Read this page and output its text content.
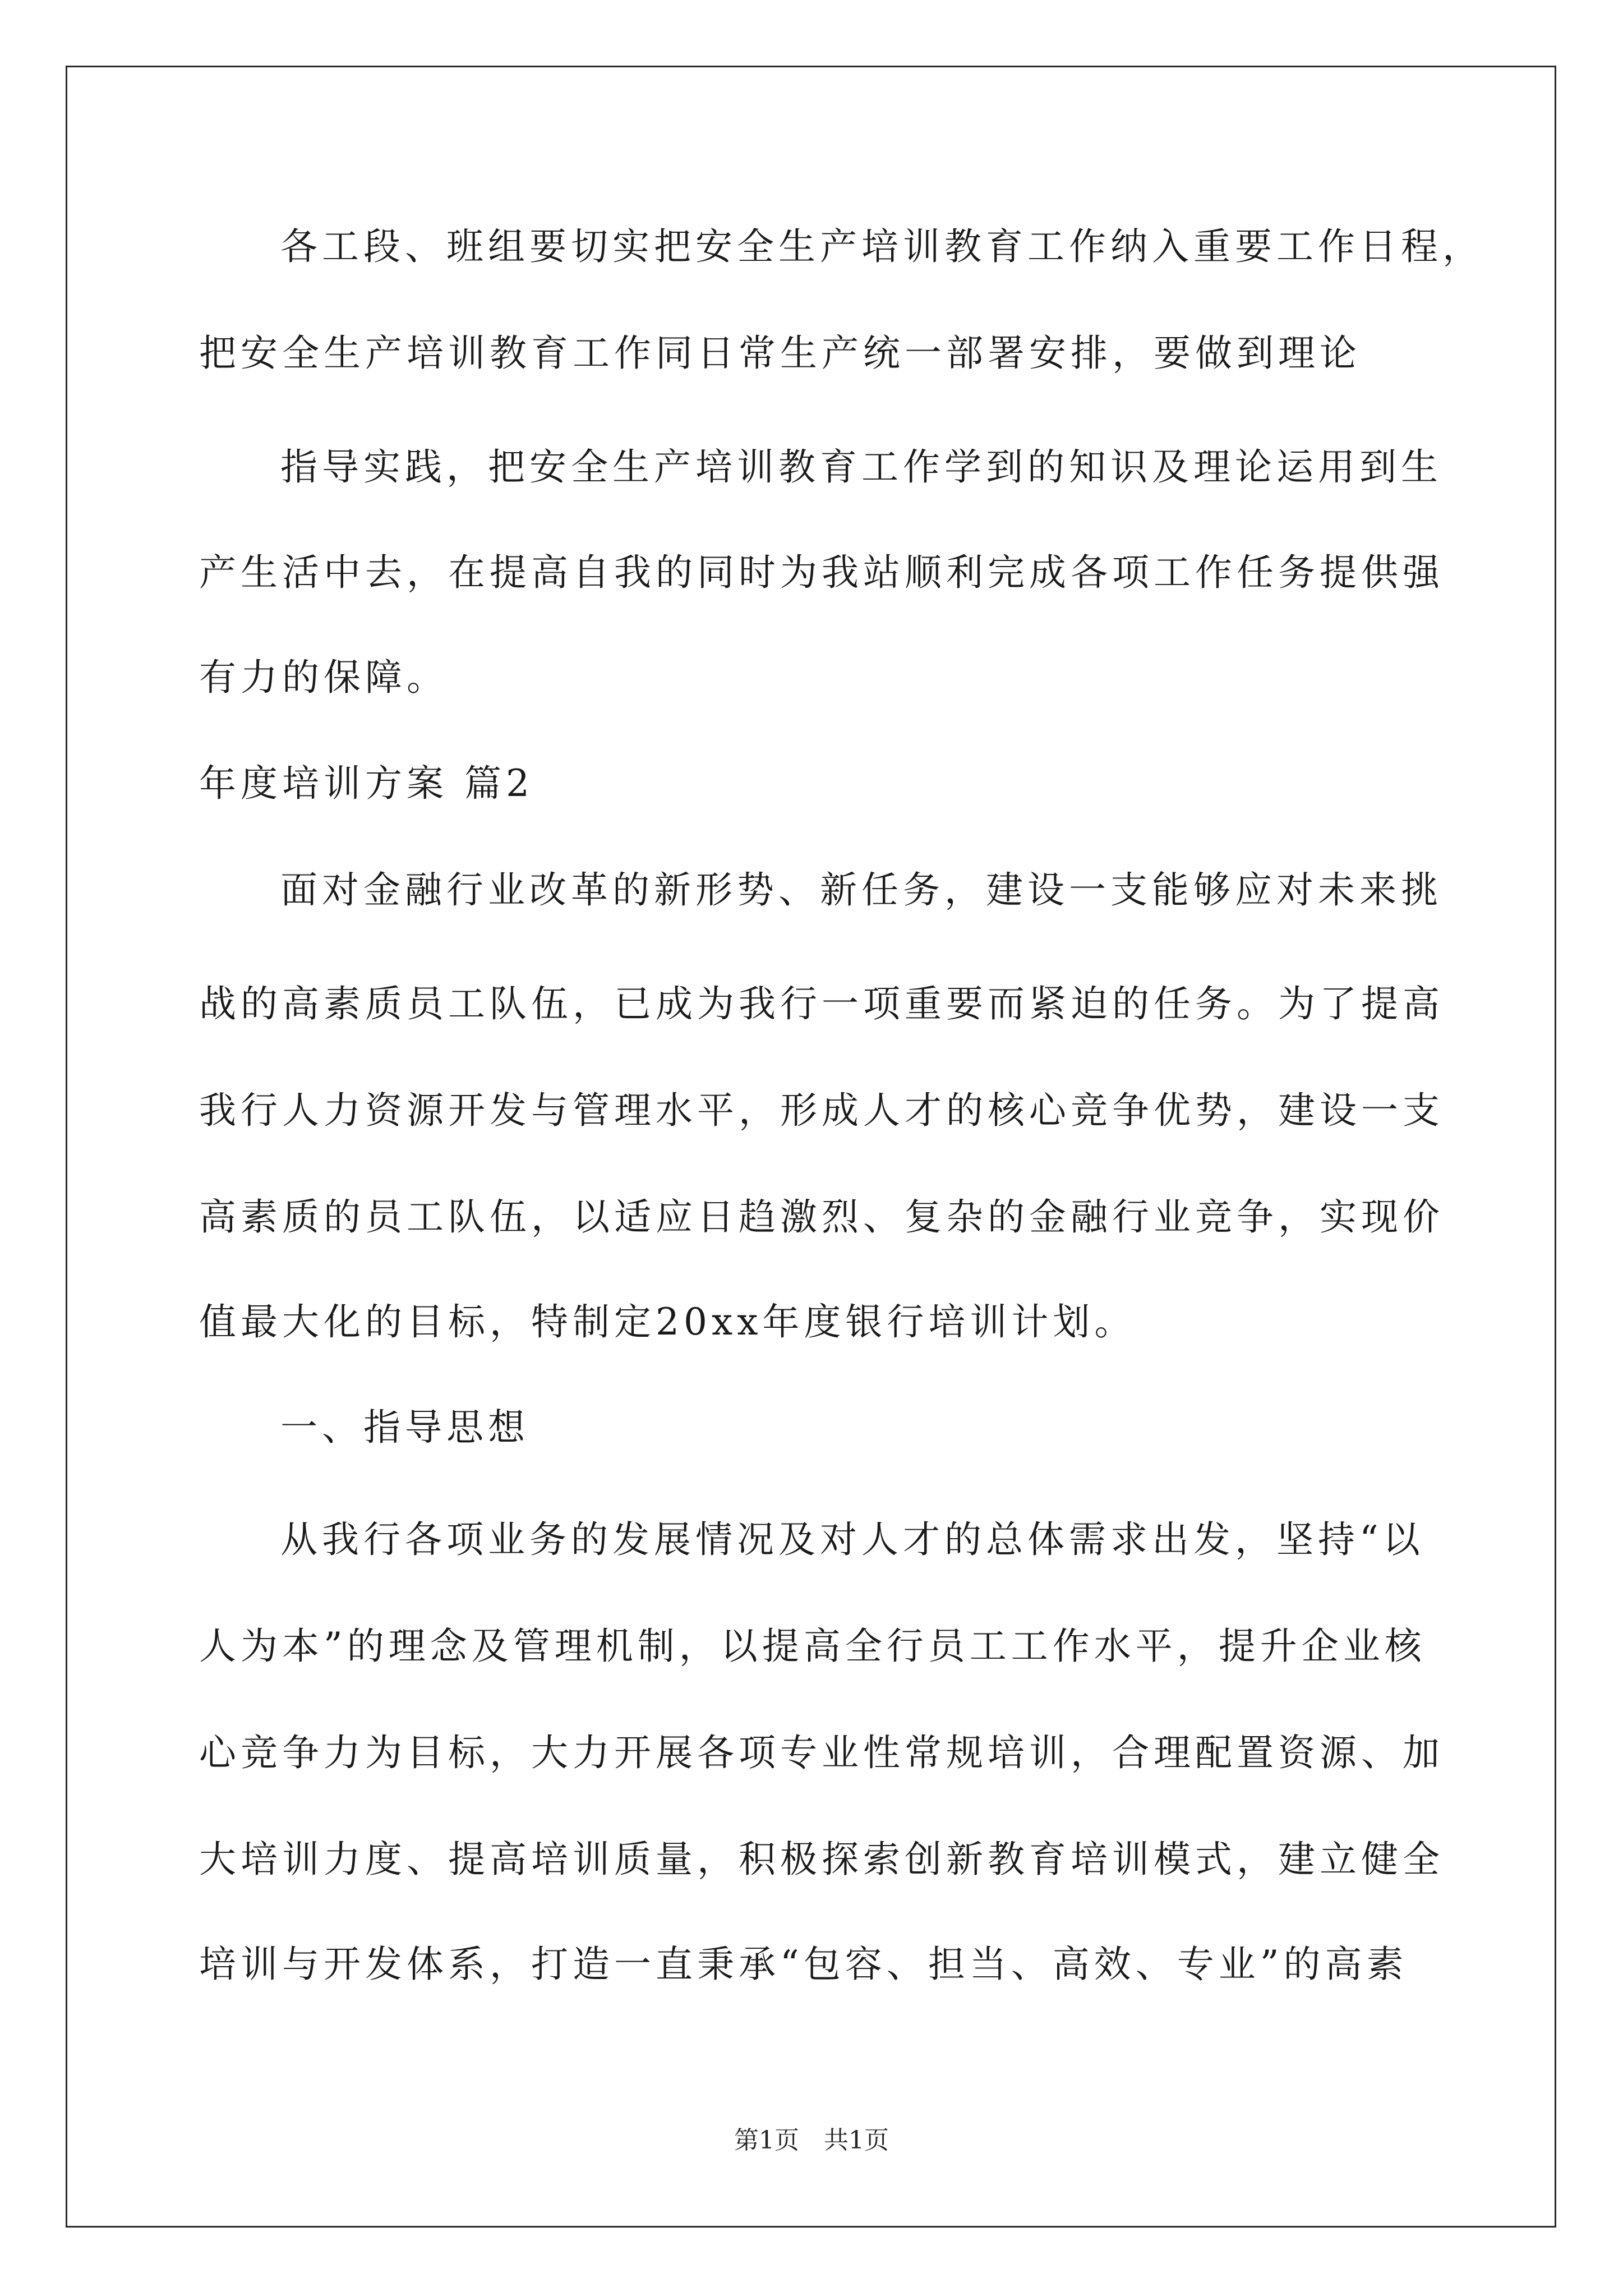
各工段、班组要切实把安全生产培训教育工作纳入重要工作日程，
把安全生产培训教育工作同日常生产统一部署安排，要做到理论
指导实践，把安全生产培训教育工作学到的知识及理论运用到生
产生活中去，在提高自我的同时为我站顺利完成各项工作任务提供强
有力的保障。
年度培训方案 篇2
面对金融行业改革的新形势、新任务，建设一支能够应对未来挑
战的高素质员工队伍，已成为我行一项重要而紧迫的任务。为了提高
我行人力资源开发与管理水平，形成人才的核心竞争优势，建设一支
高素质的员工队伍，以适应日趋激烈、复杂的金融行业竞争，实现价
值最大化的目标，特制定20xx年度银行培训计划。
一、指导思想
从我行各项业务的发展情况及对人才的总体需求出发，坚持“以
人为本”的理念及管理机制，以提高全行员工工作水平，提升企业核
心竞争力为目标，大力开展各项专业性常规培训，合理配置资源、加
大培训力度、提高培训质量，积极探索创新教育培训模式，建立健全
培训与开发体系，打造一直秉承“包容、担当、高效、专业”的高素
第1页　共1页
